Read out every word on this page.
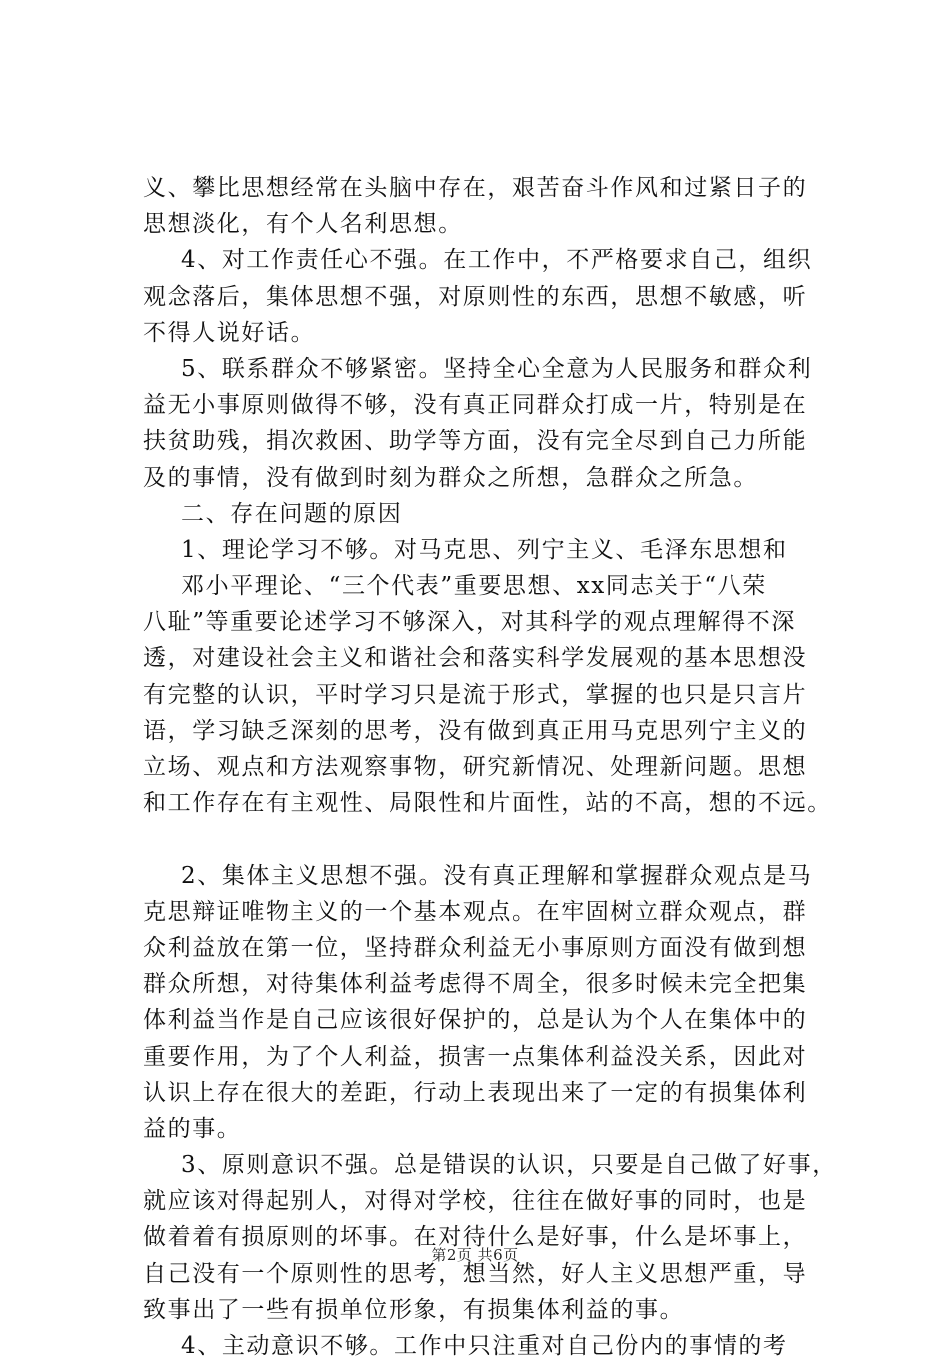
义、攀比思想经常在头脑中存在，艰苦奋斗作风和过紧日子的
思想淡化，有个人名利思想。
4、对工作责任心不强。在工作中，不严格要求自己，组织
观念落后，集体思想不强，对原则性的东西，思想不敏感，听
不得人说好话。
5、联系群众不够紧密。坚持全心全意为人民服务和群众利
益无小事原则做得不够，没有真正同群众打成一片，特别是在
扶贫助残，捐次救困、助学等方面，没有完全尽到自己力所能
及的事情，没有做到时刻为群众之所想，急群众之所急。
二、存在问题的原因
1、理论学习不够。对马克思、列宁主义、毛泽东思想和
邓小平理论、“三个代表”重要思想、xx同志关于“八荣
八耻”等重要论述学习不够深入，对其科学的观点理解得不深
透，对建设社会主义和谐社会和落实科学发展观的基本思想没
有完整的认识，平时学习只是流于形式，掌握的也只是只言片
语，学习缺乏深刻的思考，没有做到真正用马克思列宁主义的
立场、观点和方法观察事物，研究新情况、处理新问题。思想
和工作存在有主观性、局限性和片面性，站的不高，想的不远。
2、集体主义思想不强。没有真正理解和掌握群众观点是马
克思辩证唯物主义的一个基本观点。在牢固树立群众观点，群
众利益放在第一位，坚持群众利益无小事原则方面没有做到想
群众所想，对待集体利益考虑得不周全，很多时候未完全把集
体利益当作是自己应该很好保护的，总是认为个人在集体中的
重要作用，为了个人利益，损害一点集体利益没关系，因此对
认识上存在很大的差距，行动上表现出来了一定的有损集体利
益的事。
3、原则意识不强。总是错误的认识，只要是自己做了好事，
就应该对得起别人，对得对学校，往往在做好事的同时，也是
做着着有损原则的坏事。在对待什么是好事，什么是坏事上，
自己没有一个原则性的思考，想当然，好人主义思想严重，导
致事出了一些有损单位形象，有损集体利益的事。
4、主动意识不够。工作中只注重对自己份内的事情的考
第2页 共6页
